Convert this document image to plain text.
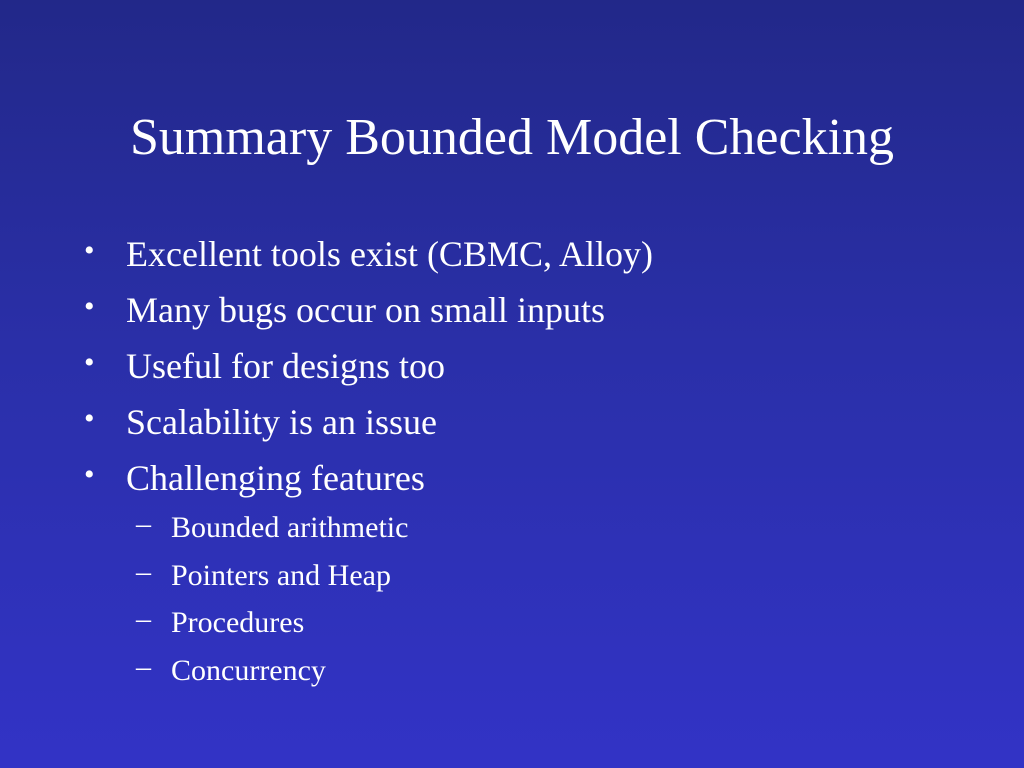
Summary Bounded Model Checking
• Excellent tools exist (CBMC, Alloy)
• Many bugs occur on small inputs
• Useful for designs too
• Scalability is an issue
• Challenging features
– Bounded arithmetic
– Pointers and Heap
– Procedures
– Concurrency
